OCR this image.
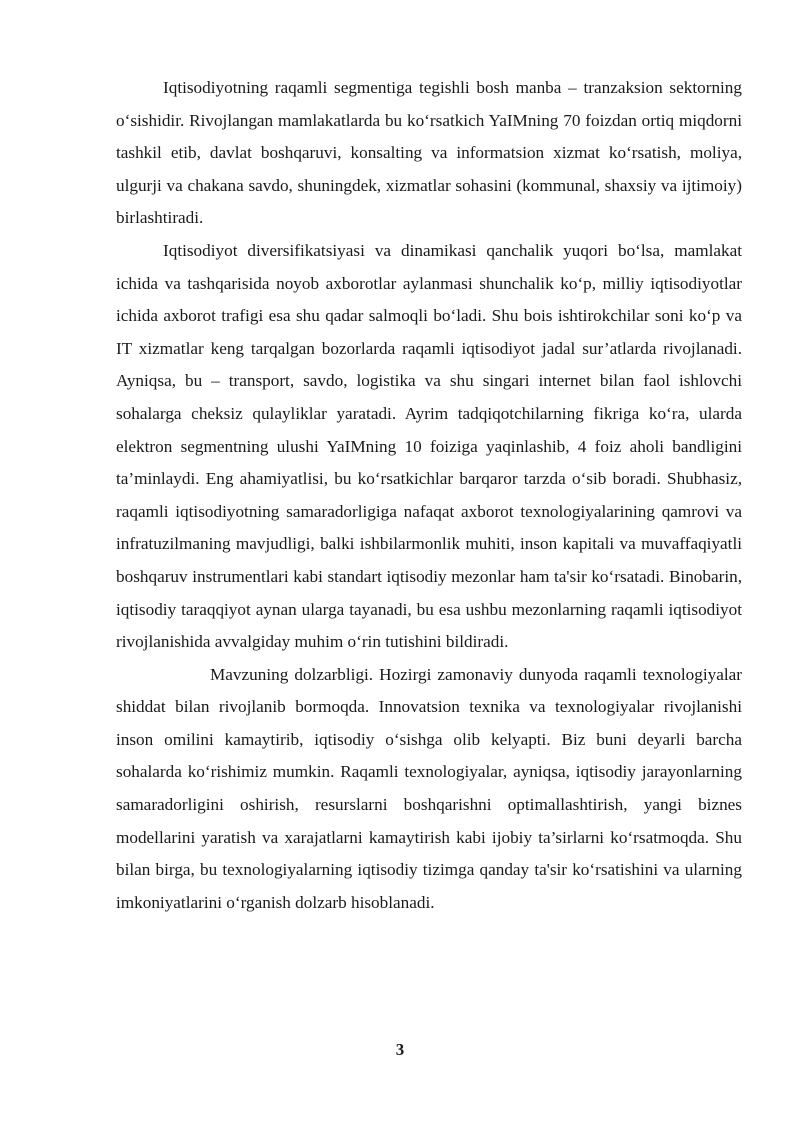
Iqtisodiyotning raqamli segmentiga tegishli bosh manba – tranzaksion sektorning o‘sishidir. Rivojlangan mamlakatlarda bu ko‘rsatkich YaIMning 70 foizdan ortiq miqdorni tashkil etib, davlat boshqaruvi, konsalting va informatsion xizmat ko‘rsatish, moliya, ulgurji va chakana savdo, shuningdek, xizmatlar sohasini (kommunal, shaxsiy va ijtimoiy) birlashtiradi.

Iqtisodiyot diversifikatsiyasi va dinamikasi qanchalik yuqori bo‘lsa, mamlakat ichida va tashqarisida noyob axborotlar aylanmasi shunchalik ko‘p, milliy iqtisodiyotlar ichida axborot trafigi esa shu qadar salmoqli bo‘ladi. Shu bois ishtirokchilar soni ko‘p va IT xizmatlar keng tarqalgan bozorlarda raqamli iqtisodiyot jadal sur’atlarda rivojlanadi. Ayniqsa, bu – transport, savdo, logistika va shu singari internet bilan faol ishlovchi sohalarga cheksiz qulayliklar yaratadi. Ayrim tadqiqotchilarning fikriga ko‘ra, ularda elektron segmentning ulushi YaIMning 10 foiziga yaqinlashib, 4 foiz aholi bandligini ta’minlaydi. Eng ahamiyatlisi, bu ko‘rsatkichlar barqaror tarzda o‘sib boradi. Shubhasiz, raqamli iqtisodiyotning samaradorligiga nafaqat axborot texnologiyalarining qamrovi va infratuzilmaning mavjudligi, balki ishbilarmonlik muhiti, inson kapitali va muvaffaqiyatli boshqaruv instrumentlari kabi standart iqtisodiy mezonlar ham ta'sir ko‘rsatadi. Binobarin, iqtisodiy taraqqiyot aynan ularga tayanadi, bu esa ushbu mezonlarning raqamli iqtisodiyot rivojlanishida avvalgiday muhim o‘rin tutishini bildiradi.

Mavzuning dolzarbligi. Hozirgi zamonaviy dunyoda raqamli texnologiyalar shiddat bilan rivojlanib bormoqda. Innovatsion texnika va texnologiyalar rivojlanishi inson omilini kamaytirib, iqtisodiy o‘sishga olib kelyapti. Biz buni deyarli barcha sohalarda ko‘rishimiz mumkin. Raqamli texnologiyalar, ayniqsa, iqtisodiy jarayonlarning samaradorligini oshirish, resurslarni boshqarishni optimallashtirish, yangi biznes modellarini yaratish va xarajatlarni kamaytirish kabi ijobiy ta’sirlarni ko‘rsatmoqda. Shu bilan birga, bu texnologiyalarning iqtisodiy tizimga qanday ta'sir ko‘rsatishini va ularning imkoniyatlarini o‘rganish dolzarb hisoblanadi.

3
